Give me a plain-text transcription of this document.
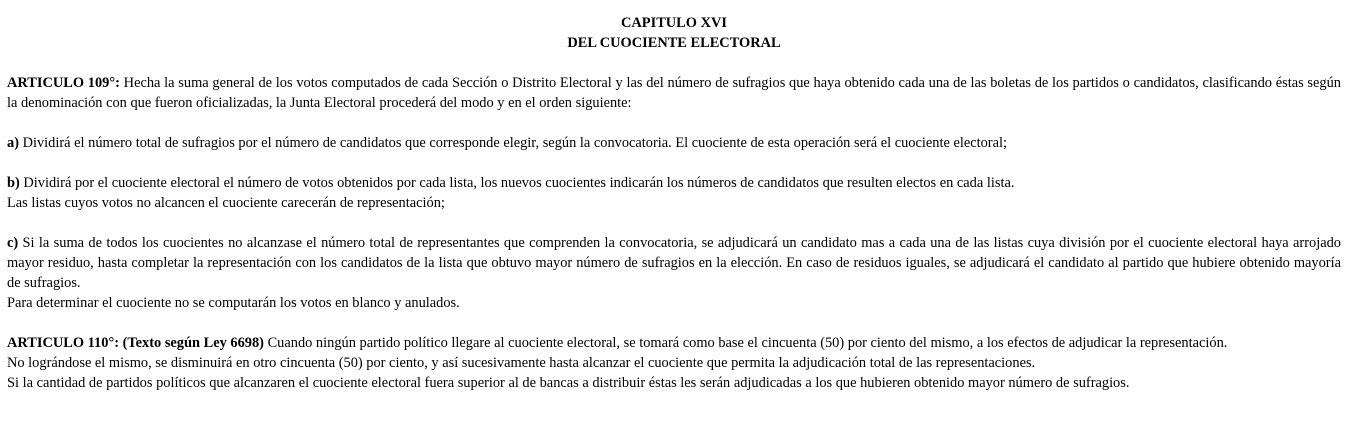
CAPITULO XVI
DEL CUOCIENTE ELECTORAL

ARTICULO 109°: Hecha la suma general de los votos computados de cada Sección o Distrito Electoral y las del número de sufragios que haya obtenido cada una de las boletas de los partidos o candidatos, clasificando éstas según la denominación con que fueron oficializadas, la Junta Electoral procederá del modo y en el orden siguiente:

a) Dividirá el número total de sufragios por el número de candidatos que corresponde elegir, según la convocatoria. El cuociente de esta operación será el cuociente electoral;

b) Dividirá por el cuociente electoral el número de votos obtenidos por cada lista, los nuevos cuocientes indicarán los números de candidatos que resulten electos en cada lista.
Las listas cuyos votos no alcancen el cuociente carecerán de representación;

c) Si la suma de todos los cuocientes no alcanzase el número total de representantes que comprenden la convocatoria, se adjudicará un candidato mas a cada una de las listas cuya división por el cuociente electoral haya arrojado mayor residuo, hasta completar la representación con los candidatos de la lista que obtuvo mayor número de sufragios en la elección. En caso de residuos iguales, se adjudicará el candidato al partido que hubiere obtenido mayoría de sufragios.
Para determinar el cuociente no se computarán los votos en blanco y anulados.

ARTICULO 110°: (Texto según Ley 6698) Cuando ningún partido político llegare al cuociente electoral, se tomará como base el cincuenta (50) por ciento del mismo, a los efectos de adjudicar la representación.
No lográndose el mismo, se disminuirá en otro cincuenta (50) por ciento, y así sucesivamente hasta alcanzar el cuociente que permita la adjudicación total de las representaciones.
Si la cantidad de partidos políticos que alcanzaren el cuociente electoral fuera superior al de bancas a distribuir éstas les serán adjudicadas a los que hubieren obtenido mayor número de sufragios.
